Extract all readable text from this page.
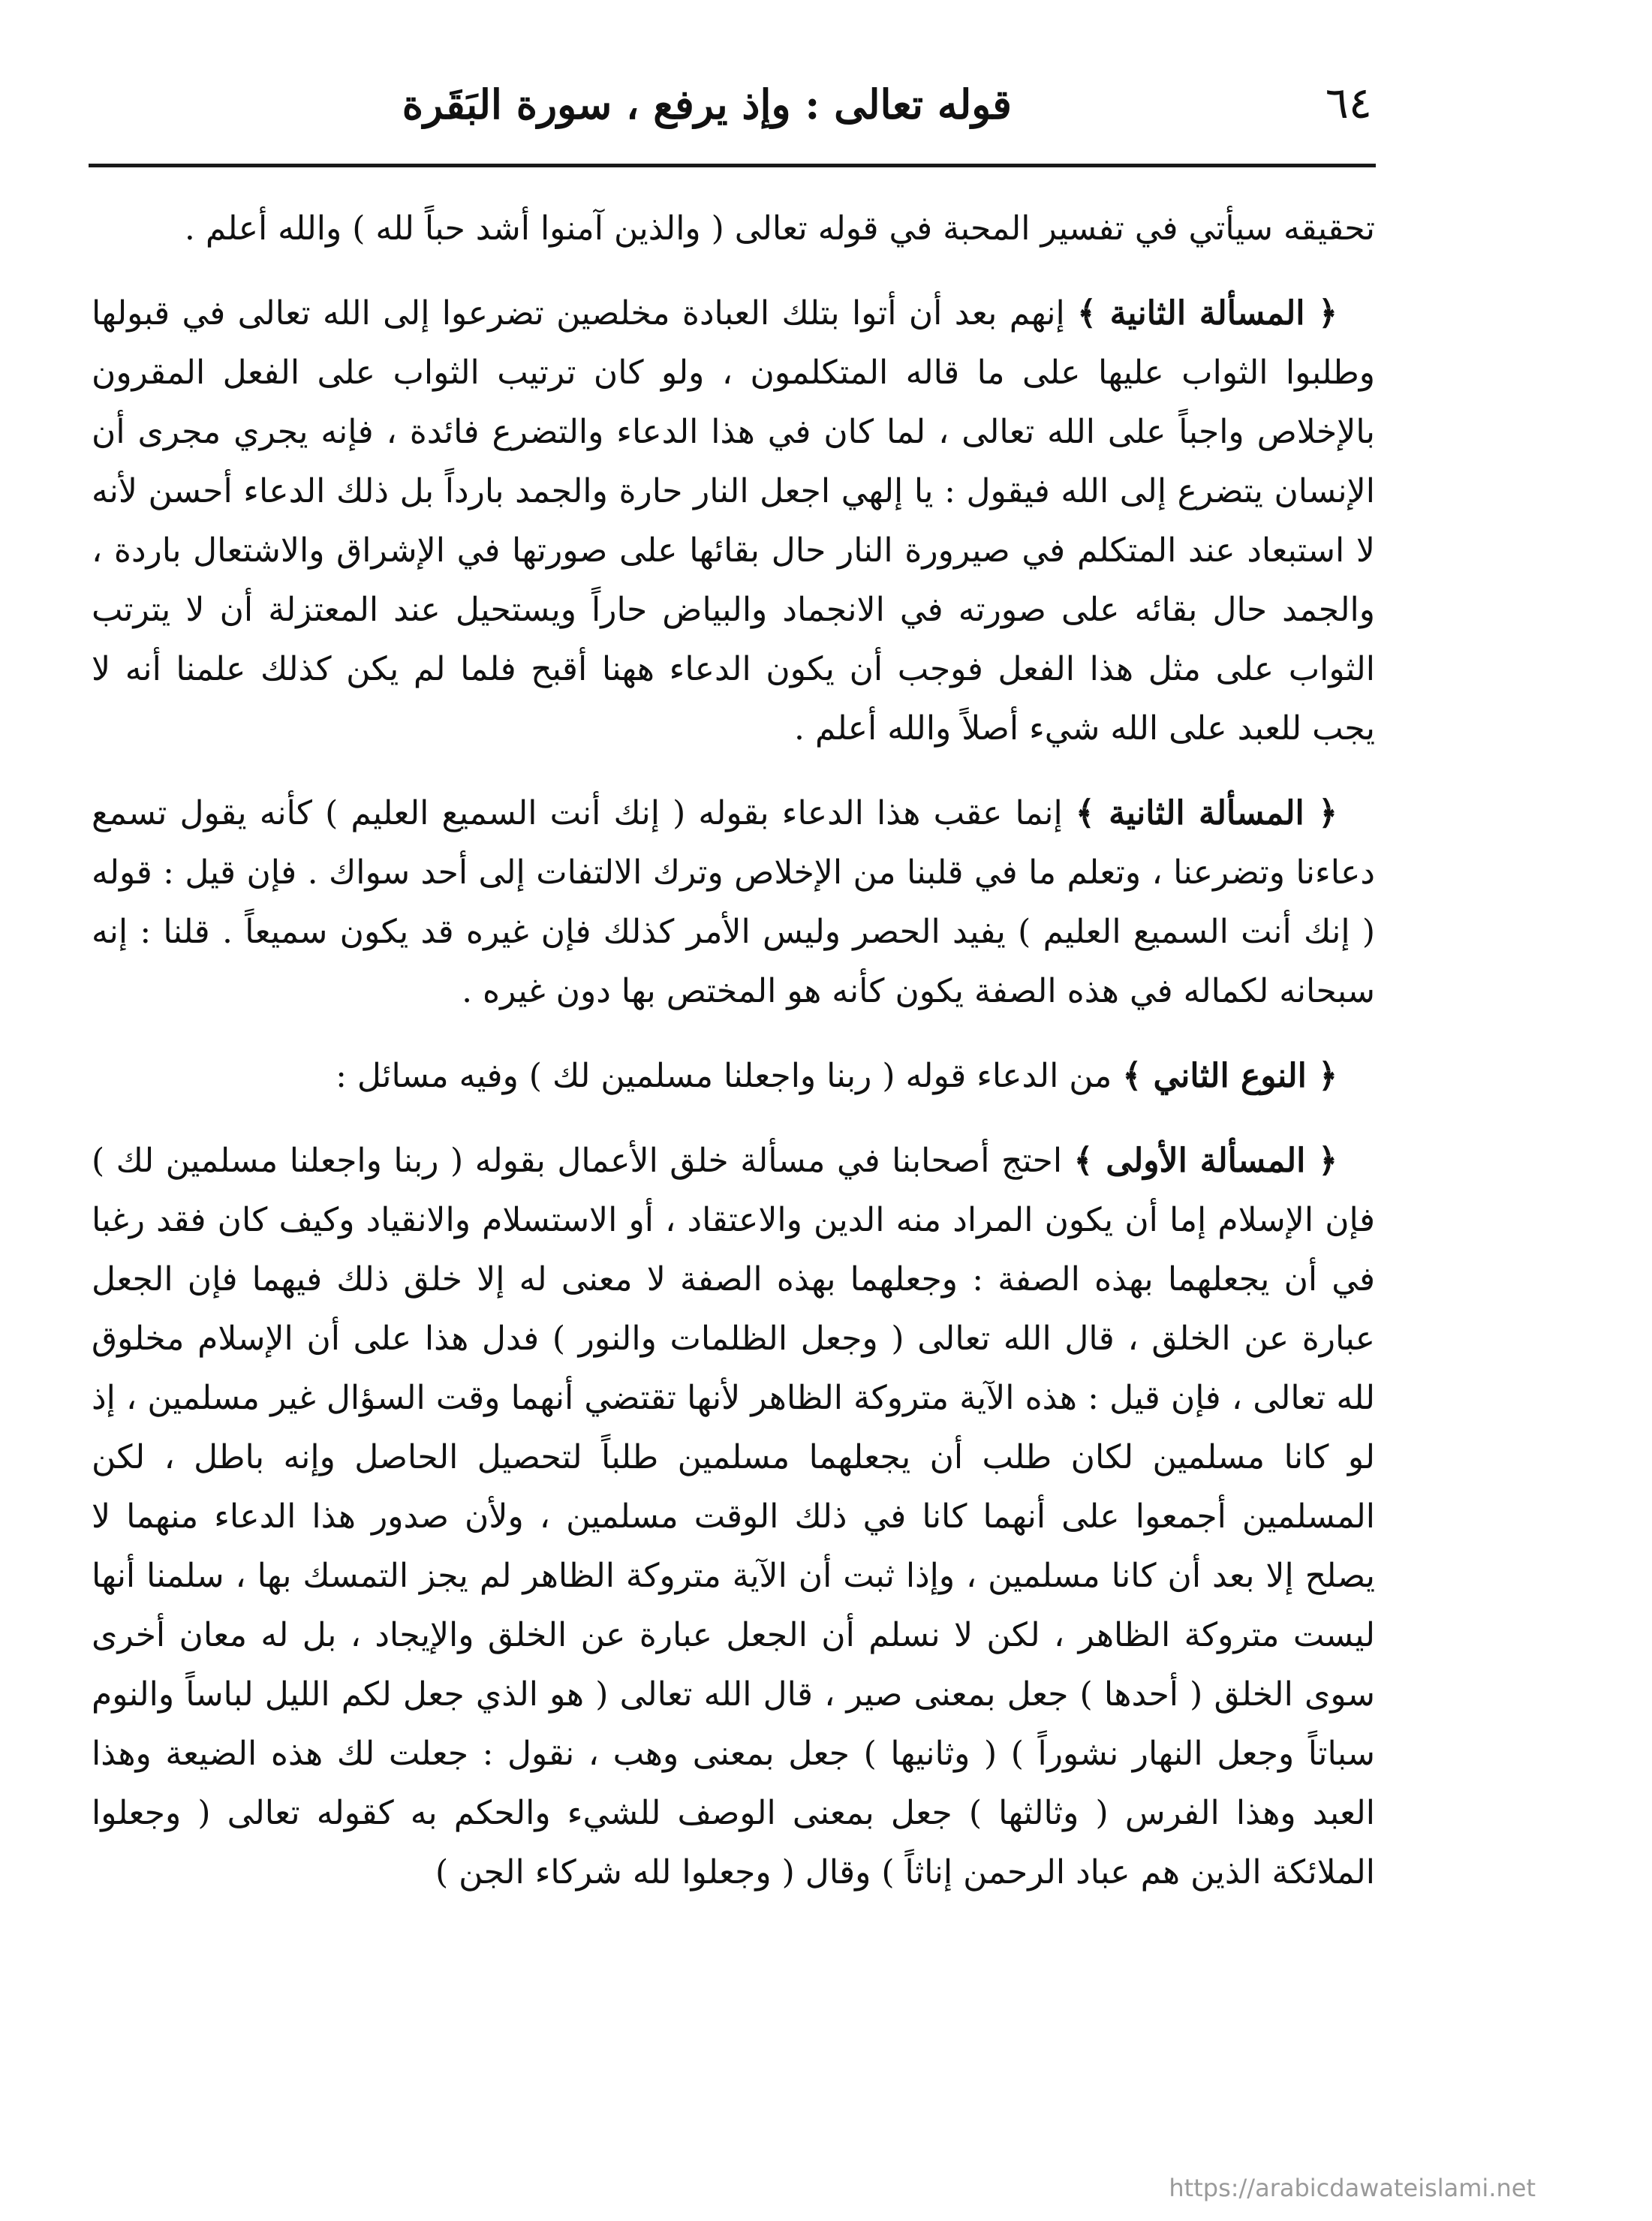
٦٤
قوله تعالى : وإذ يرفع ، سورة البَقَرة

تحقيقه سيأتي في تفسير المحبة في قوله تعالى ( والذين آمنوا أشد حباً لله ) والله أعلم .

﴿ المسألة الثانية ﴾ إنهم بعد أن أتوا بتلك العبادة مخلصين تضرعوا إلى الله تعالى في قبولها وطلبوا الثواب عليها على ما قاله المتكلمون ، ولو كان ترتيب الثواب على الفعل المقرون بالإخلاص واجباً على الله تعالى ، لما كان في هذا الدعاء والتضرع فائدة ، فإنه يجري مجرى أن الإنسان يتضرع إلى الله فيقول : يا إلهي اجعل النار حارة والجمد بارداً بل ذلك الدعاء أحسن لأنه لا استبعاد عند المتكلم في صيرورة النار حال بقائها على صورتها في الإشراق والاشتعال باردة ، والجمد حال بقائه على صورته في الانجماد والبياض حاراً ويستحيل عند المعتزلة أن لا يترتب الثواب على مثل هذا الفعل فوجب أن يكون الدعاء ههنا أقبح فلما لم يكن كذلك علمنا أنه لا يجب للعبد على الله شيء أصلاً والله أعلم .

﴿ المسألة الثانية ﴾ إنما عقب هذا الدعاء بقوله ( إنك أنت السميع العليم ) كأنه يقول تسمع دعاءنا وتضرعنا ، وتعلم ما في قلبنا من الإخلاص وترك الالتفات إلى أحد سواك . فإن قيل : قوله ( إنك أنت السميع العليم ) يفيد الحصر وليس الأمر كذلك فإن غيره قد يكون سميعاً . قلنا : إنه سبحانه لكماله في هذه الصفة يكون كأنه هو المختص بها دون غيره .

﴿ النوع الثاني ﴾ من الدعاء قوله ( ربنا واجعلنا مسلمين لك ) وفيه مسائل :

﴿ المسألة الأولى ﴾ احتج أصحابنا في مسألة خلق الأعمال بقوله ( ربنا واجعلنا مسلمين لك ) فإن الإسلام إما أن يكون المراد منه الدين والاعتقاد ، أو الاستسلام والانقياد وكيف كان فقد رغبا في أن يجعلهما بهذه الصفة : وجعلهما بهذه الصفة لا معنى له إلا خلق ذلك فيهما فإن الجعل عبارة عن الخلق ، قال الله تعالى ( وجعل الظلمات والنور ) فدل هذا على أن الإسلام مخلوق لله تعالى ، فإن قيل : هذه الآية متروكة الظاهر لأنها تقتضي أنهما وقت السؤال غير مسلمين ، إذ لو كانا مسلمين لكان طلب أن يجعلهما مسلمين طلباً لتحصيل الحاصل وإنه باطل ، لكن المسلمين أجمعوا على أنهما كانا في ذلك الوقت مسلمين ، ولأن صدور هذا الدعاء منهما لا يصلح إلا بعد أن كانا مسلمين ، وإذا ثبت أن الآية متروكة الظاهر لم يجز التمسك بها ، سلمنا أنها ليست متروكة الظاهر ، لكن لا نسلم أن الجعل عبارة عن الخلق والإيجاد ، بل له معان أخرى سوى الخلق ( أحدها ) جعل بمعنى صير ، قال الله تعالى ( هو الذي جعل لكم الليل لباساً والنوم سباتاً وجعل النهار نشوراً ) ( وثانيها ) جعل بمعنى وهب ، نقول : جعلت لك هذه الضيعة وهذا العبد وهذا الفرس ( وثالثها ) جعل بمعنى الوصف للشيء والحكم به كقوله تعالى ( وجعلوا الملائكة الذين هم عباد الرحمن إناثاً ) وقال ( وجعلوا لله شركاء الجن )

https://arabicdawateislami.net
